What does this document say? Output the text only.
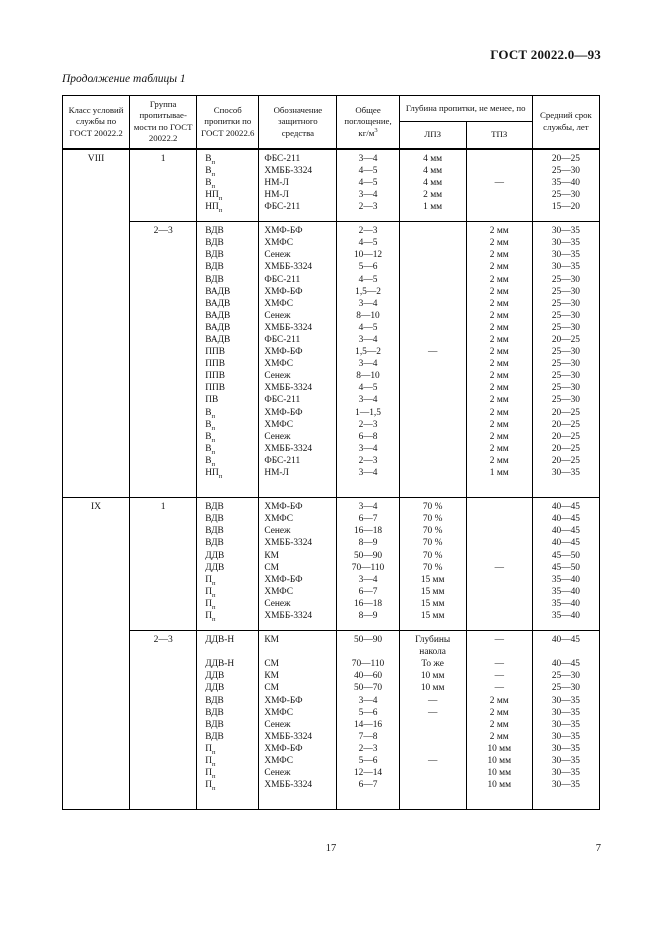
ГОСТ 20022.0—93
Продолжение таблицы 1
Класс условий службы по ГОСТ 20022.2	Группа пропитывае-мости по ГОСТ 20022.2	Способ пропитки по ГОСТ 20022.6	Обозначение защитного средства	Общее поглощение, $кг/м^3$	Глубина пропитки, не менее, по		Средний срок службы, лет
					ЛПЗ	ТПЗ	
VIII	1	$В_п$	ФБС-211	3—4	4 мм		20—25
		$В_п$	ХМББ-3324	4—5	4 мм		25—30
		$В_п$	НМ-Л	4—5	4 мм	—	35—40
		$НП_п$	НМ-Л	3—4	2 мм		25—30
		$НП_п$	ФБС-211	2—3	1 мм		15—20
	2—3	ВДВ	ХМФ-БФ	2—3		2 мм	30—35
		ВДВ	ХМФС	4—5		2 мм	30—35
		ВДВ	Сенеж	10—12		2 мм	30—35
		ВДВ	ХМББ-3324	5—6		2 мм	30—35
		ВДВ	ФБС-211	4—5		2 мм	25—30
		ВАДВ	ХМФ-БФ	1,5—2		2 мм	25—30
		ВАДВ	ХМФС	3—4		2 мм	25—30
		ВАДВ	Сенеж	8—10		2 мм	25—30
		ВАДВ	ХМББ-3324	4—5		2 мм	25—30
		ВАДВ	ФБС-211	3—4		2 мм	20—25
		ППВ	ХМФ-БФ	1,5—2	—	2 мм	25—30
		ППВ	ХМФС	3—4		2 мм	25—30
		ППВ	Сенеж	8—10		2 мм	25—30
		ППВ	ХМББ-3324	4—5		2 мм	25—30
		ПВ	ФБС-211	3—4		2 мм	25—30
		$В_п$	ХМФ-БФ	1—1,5		2 мм	20—25
		$В_п$	ХМФС	2—3		2 мм	20—25
		$В_п$	Сенеж	6—8		2 мм	20—25
		$В_п$	ХМББ-3324	3—4		2 мм	20—25
		$В_п$	ФБС-211	2—3		2 мм	20—25
		$НП_п$	НМ-Л	3—4		1 мм	30—35
IX	1	ВДВ	ХМФ-БФ	3—4	70 %		40—45
		ВДВ	ХМФС	6—7	70 %		40—45
		ВДВ	Сенеж	16—18	70 %		40—45
		ВДВ	ХМББ-3324	8—9	70 %		40—45
		ДДВ	КМ	50—90	70 %		45—50
		ДДВ	СМ	70—110	70 %	—	45—50
		$П_п$	ХМФ-БФ	3—4	15 мм		35—40
		$П_п$	ХМФС	6—7	15 мм		35—40
		$П_п$	Сенеж	16—18	15 мм		35—40
		$П_п$	ХМББ-3324	8—9	15 мм		35—40
	2—3	ДДВ-Н	КМ	50—90	Глубины накола	—	40—45
		ДДВ-Н	СМ	70—110	То же	—	40—45
		ДДВ	КМ	40—60	10 мм	—	25—30
		ДДВ	СМ	50—70	10 мм	—	25—30
		ВДВ	ХМФ-БФ	3—4	—	2 мм	30—35
		ВДВ	ХМФС	5—6	—	2 мм	30—35
		ВДВ	Сенеж	14—16		2 мм	30—35
		ВДВ	ХМББ-3324	7—8		2 мм	30—35
		$П_п$	ХМФ-БФ	2—3		10 мм	30—35
		$П_п$	ХМФС	5—6	—	10 мм	30—35
		$П_п$	Сенеж	12—14		10 мм	30—35
		$П_п$	ХМББ-3324	6—7		10 мм	30—35
17	7
